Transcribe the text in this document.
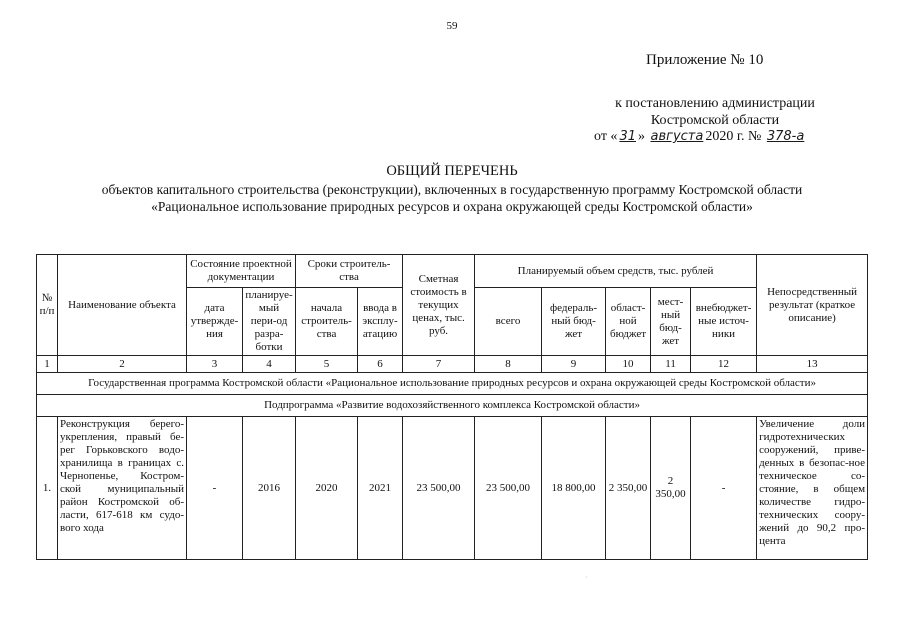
59
Приложение № 10
к постановлению администрации
Костромской области
от « 31 » августа 2020 г. № 378-а
ОБЩИЙ ПЕРЕЧЕНЬ
объектов капитального строительства (реконструкции), включенных в государственную программу Костромской области «Рациональное использование природных ресурсов и охрана окружающей среды Костромской области»
№ п/п	Наименование объекта	Состояние проектной документации		Сроки строитель-ства		Сметная стоимость в текущих ценах, тыс. руб.	Планируемый объем средств, тыс. рублей					Непосредственный результат (краткое описание)
		дата утвержде-ния	планируе-мый пери-од разра-ботки	начала строитель-ства	ввода в эксплу-атацию		всего	федераль-ный бюд-жет	област-ной бюджет	мест-ный бюд-жет	внебюджет-ные источ-ники	
1	2	3	4	5	6	7	8	9	10	11	12	13
Государственная программа Костромской области «Рациональное использование природных ресурсов и охрана окружающей среды Костромской области»												
Подпрограмма «Развитие водохозяйственного комплекса Костромской области»												
1.	Реконструкция берего-укрепления, правый бе-рег Горьковского водо-хранилища в границах с. Чернопенье, Костром-ской муниципальный район Костромской об-ласти, 617-618 км судо-вого хода	-	2016	2020	2021	23 500,00	23 500,00	18 800,00	2 350,00	2 350,00	-	Увеличение доли гидротехнических сооружений, приве-денных в безопас-ное техническое со-стояние, в общем количестве гидро-технических соору-жений до 90,2 про-цента
·
